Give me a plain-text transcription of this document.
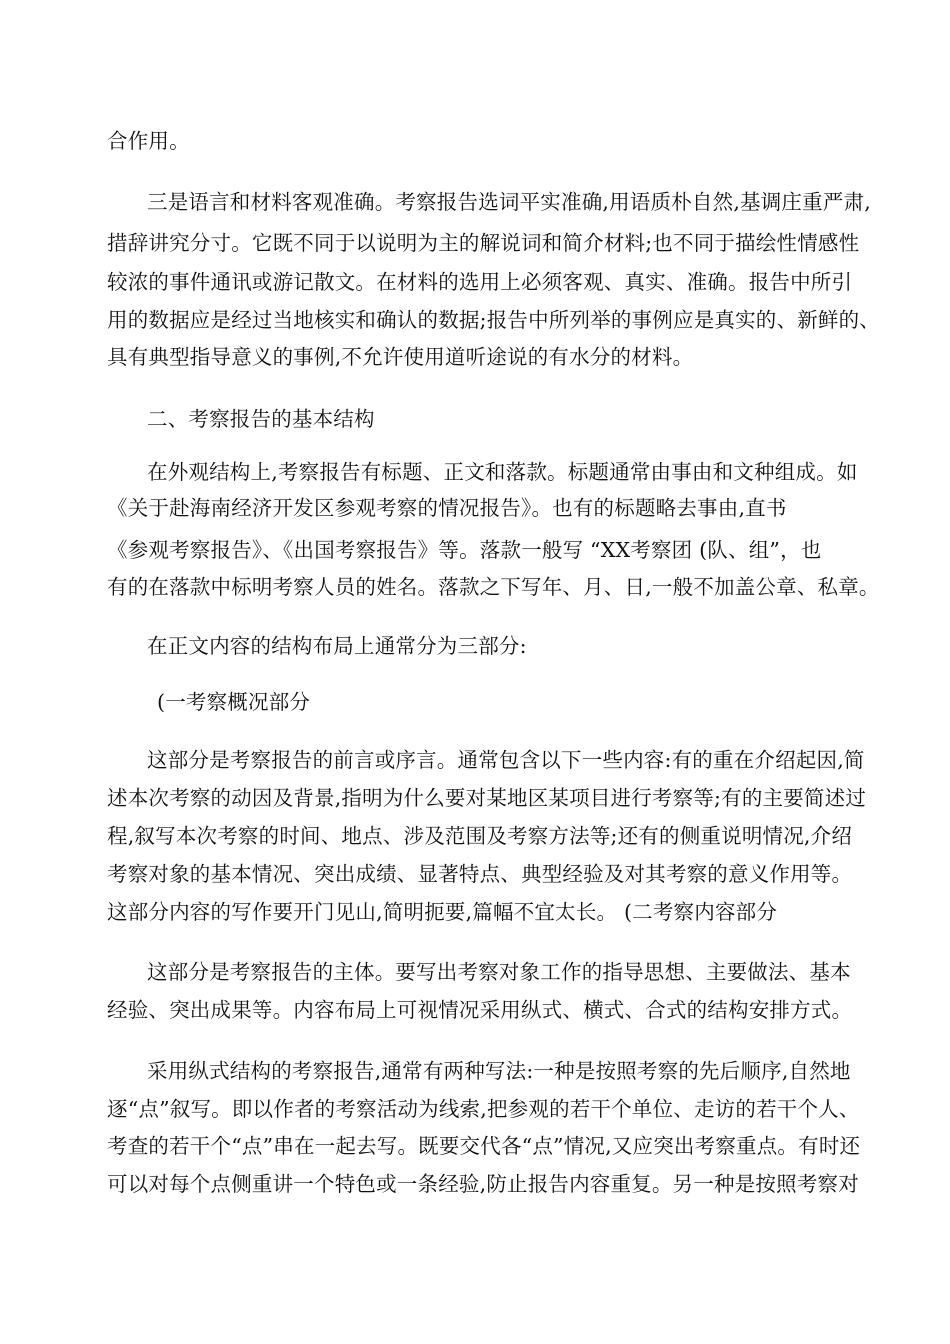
合作用。
三是语言和材料客观准确。考察报告选词平实准确,用语质朴自然,基调庄重严肃,
措辞讲究分寸。它既不同于以说明为主的解说词和简介材料;也不同于描绘性情感性
较浓的事件通讯或游记散文。在材料的选用上必须客观、真实、准确。报告中所引
用的数据应是经过当地核实和确认的数据;报告中所列举的事例应是真实的、新鲜的、
具有典型指导意义的事例,不允许使用道听途说的有水分的材料。
二、考察报告的基本结构
在外观结构上,考察报告有标题、正文和落款。标题通常由事由和文种组成。如
《关于赴海南经济开发区参观考察的情况报告》。也有的标题略去事由,直书
《参观考察报告》、《出国考察报告》等。落款一般写 “XX考察团 (队、组”，也
有的在落款中标明考察人员的姓名。落款之下写年、月、日,一般不加盖公章、私章。
在正文内容的结构布局上通常分为三部分:
(一考察概况部分
这部分是考察报告的前言或序言。通常包含以下一些内容:有的重在介绍起因,简
述本次考察的动因及背景,指明为什么要对某地区某项目进行考察等;有的主要简述过
程,叙写本次考察的时间、地点、涉及范围及考察方法等;还有的侧重说明情况,介绍
考察对象的基本情况、突出成绩、显著特点、典型经验及对其考察的意义作用等。
这部分内容的写作要开门见山,简明扼要,篇幅不宜太长。 (二考察内容部分
这部分是考察报告的主体。要写出考察对象工作的指导思想、主要做法、基本
经验、突出成果等。内容布局上可视情况采用纵式、横式、合式的结构安排方式。
采用纵式结构的考察报告,通常有两种写法:一种是按照考察的先后顺序,自然地
逐“点”叙写。即以作者的考察活动为线索,把参观的若干个单位、走访的若干个人、
考查的若干个“点”串在一起去写。既要交代各“点”情况,又应突出考察重点。有时还
可以对每个点侧重讲一个特色或一条经验,防止报告内容重复。另一种是按照考察对
